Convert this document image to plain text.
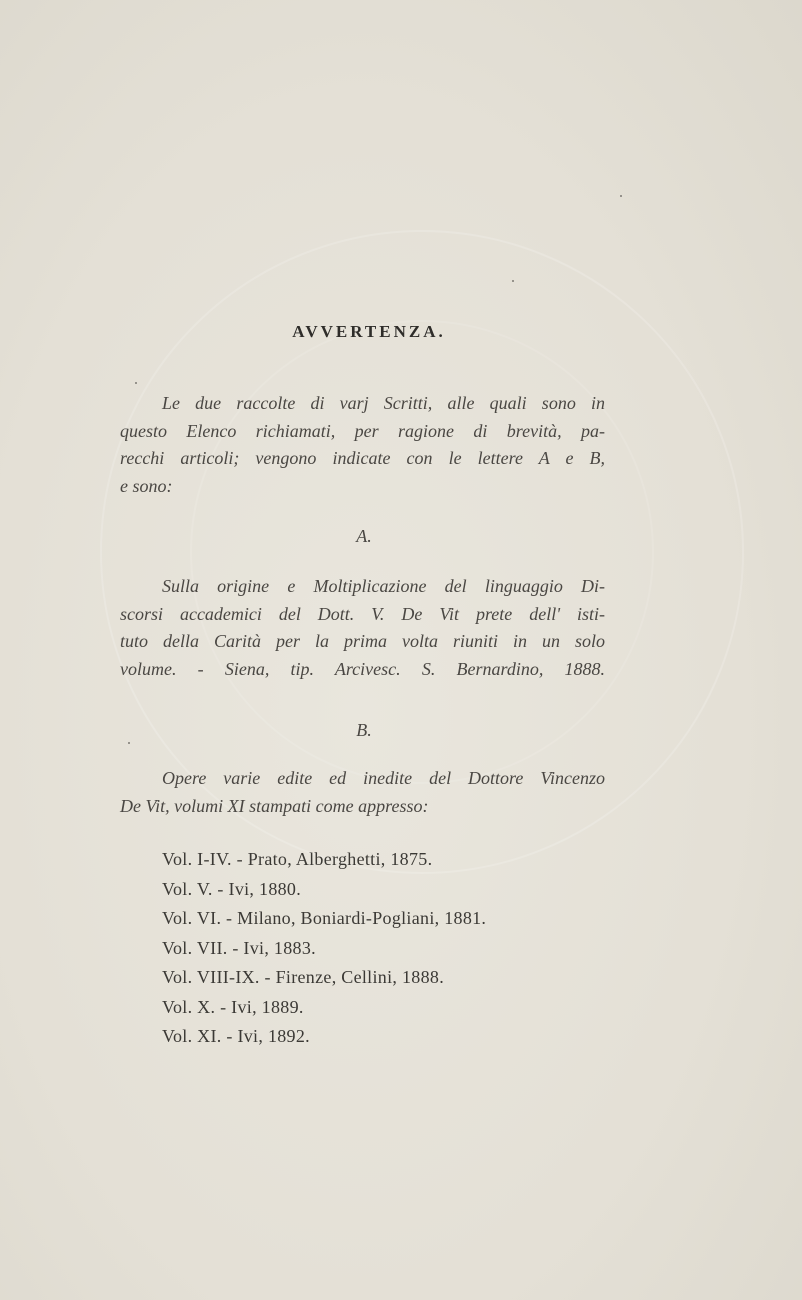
AVVERTENZA.

Le due raccolte di varj Scritti, alle quali sono in
questo Elenco richiamati, per ragione di brevità, pa-
recchi articoli; vengono indicate con le lettere A e B,
e sono:

A.

Sulla origine e Moltiplicazione del linguaggio Di-
scorsi accademici del Dott. V. De Vit prete dell' isti-
tuto della Carità per la prima volta riuniti in un solo
volume. - Siena, tip. Arcivesc. S. Bernardino, 1888.

B.

Opere varie edite ed inedite del Dottore Vincenzo
De Vit, volumi XI stampati come appresso:

Vol. I-IV. - Prato, Alberghetti, 1875.
Vol. V. - Ivi, 1880.
Vol. VI. - Milano, Boniardi-Pogliani, 1881.
Vol. VII. - Ivi, 1883.
Vol. VIII-IX. - Firenze, Cellini, 1888.
Vol. X. - Ivi, 1889.
Vol. XI. - Ivi, 1892.
